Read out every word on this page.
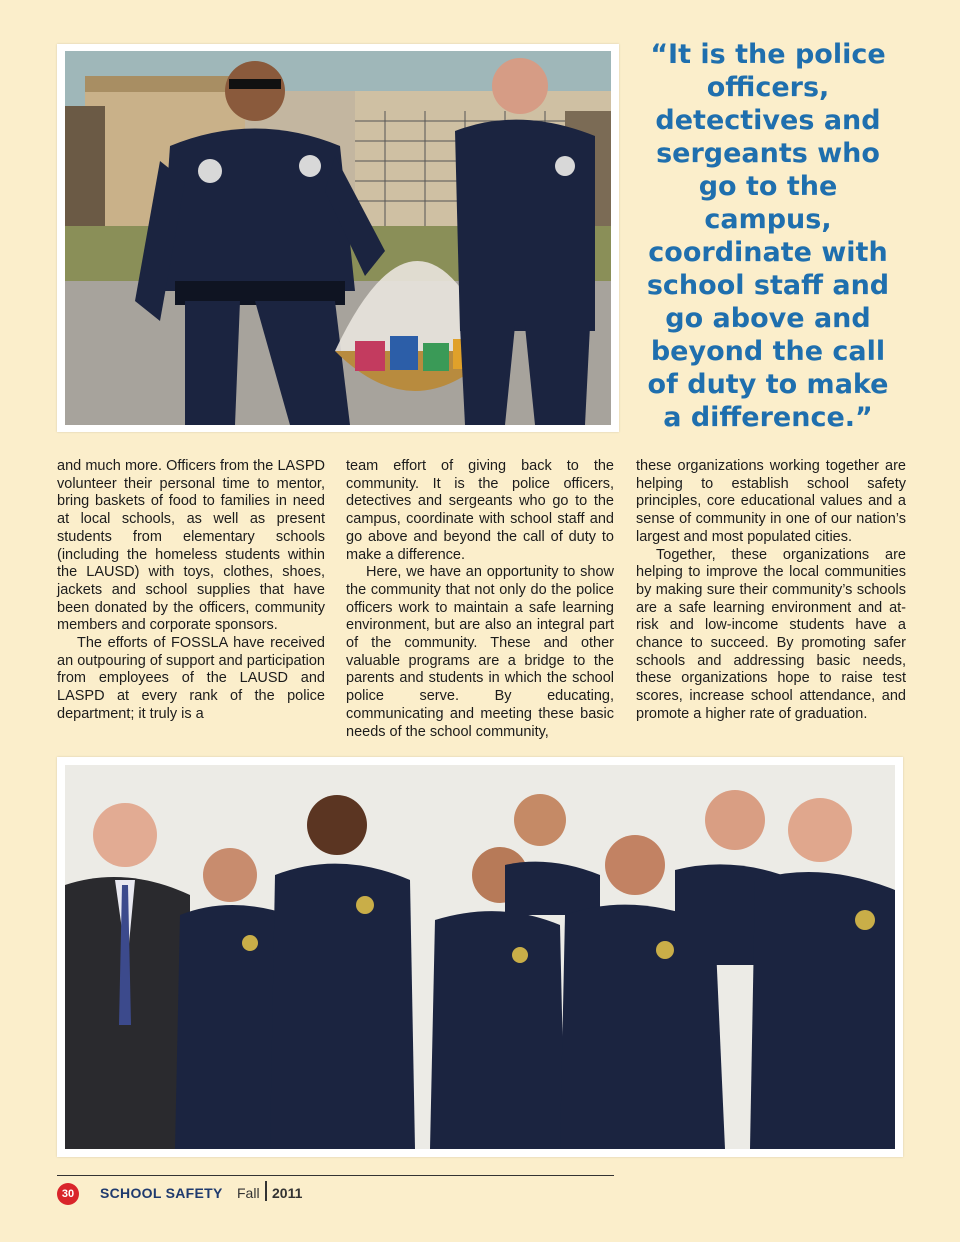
“It is the police officers, detectives and sergeants who go to the campus, coordinate with school staff and go above and beyond the call of duty to make a difference.”

and much more. Officers from the LASPD volunteer their personal time to mentor, bring baskets of food to families in need at local schools, as well as present students from elementary schools (including the homeless students within the LAUSD) with toys, clothes, shoes, jackets and school supplies that have been donated by the officers, community members and corporate sponsors.

The efforts of FOSSLA have received an outpouring of support and participation from employees of the LAUSD and LASPD at every rank of the police department; it truly is a

team effort of giving back to the community. It is the police officers, detectives and sergeants who go to the campus, coordinate with school staff and go above and beyond the call of duty to make a difference.

Here, we have an opportunity to show the community that not only do the police officers work to maintain a safe learning environment, but are also an integral part of the community. These and other valuable programs are a bridge to the parents and students in which the school police serve. By educating, communicating and meeting these basic needs of the school community,

these organizations working together are helping to establish school safety principles, core educational values and a sense of community in one of our nation’s largest and most populated cities.

Together, these organizations are helping to improve the local communities by making sure their community’s schools are a safe learning environment and at-risk and low-income students have a chance to succeed. By promoting safer schools and addressing basic needs, these organizations hope to raise test scores, increase school attendance, and promote a higher rate of graduation.

30	SCHOOL SAFETY Fall 2011
